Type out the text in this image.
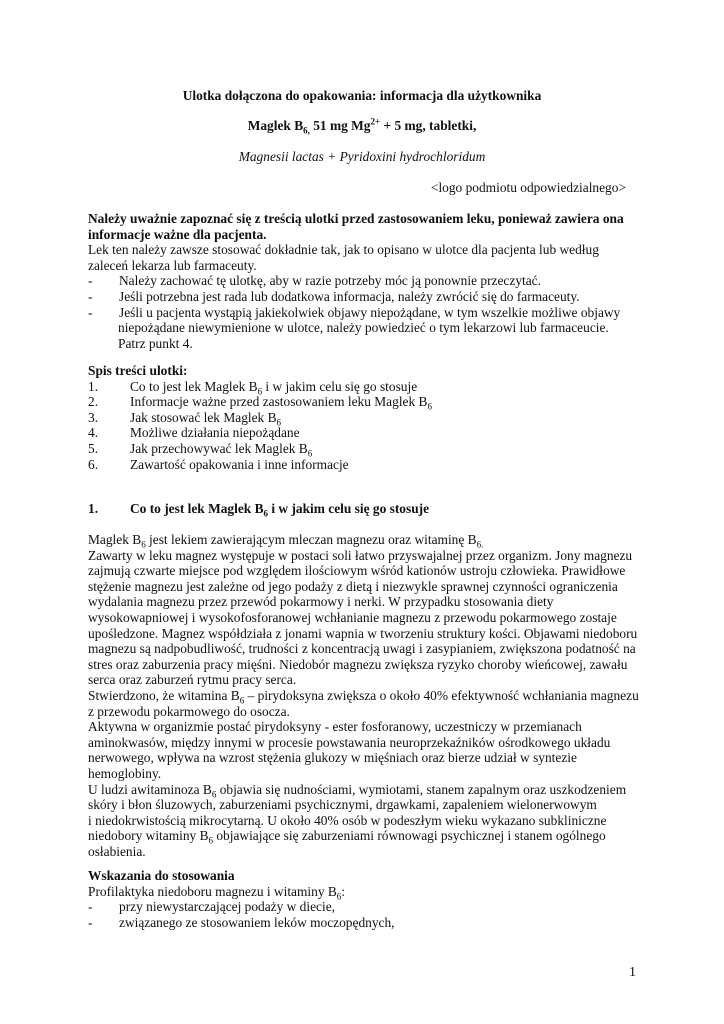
Ulotka dołączona do opakowania: informacja dla użytkownika
Maglek $B_{6,}$ 51 mg $Mg^{2+} + 5$ mg, tabletki,
Magnesii lactas + Pyridoxini hydrochloridum
<logo podmiotu odpowiedzialnego>
Należy uważnie zapoznać się z treścią ulotki przed zastosowaniem leku, ponieważ zawiera ona
informacje ważne dla pacjenta.
Lek ten należy zawsze stosować dokładnie tak, jak to opisano w ulotce dla pacjenta lub według
zaleceń lekarza lub farmaceuty.
- Należy zachować tę ulotkę, aby w razie potrzeby móc ją ponownie przeczytać.
- Jeśli potrzebna jest rada lub dodatkowa informacja, należy zwrócić się do farmaceuty.
- Jeśli u pacjenta wystąpią jakiekolwiek objawy niepożądane, w tym wszelkie możliwe objawy
niepożądane niewymienione w ulotce, należy powiedzieć o tym lekarzowi lub farmaceucie.
Patrz punkt 4.
Spis treści ulotki:
1. Co to jest lek Maglek $B_6$ i w jakim celu się go stosuje
2. Informacje ważne przed zastosowaniem leku Maglek $B_6$
3. Jak stosować lek Maglek $B_6$
4. Możliwe działania niepożądane
5. Jak przechowywać lek Maglek $B_6$
6. Zawartość opakowania i inne informacje
1. Co to jest lek Maglek $B_6$ i w jakim celu się go stosuje
Maglek $B_6$ jest lekiem zawierającym mleczan magnezu oraz witaminę $B_{6.}$
Zawarty w leku magnez występuje w postaci soli łatwo przyswajalnej przez organizm. Jony magnezu
zajmują czwarte miejsce pod względem ilościowym wśród kationów ustroju człowieka. Prawidłowe
stężenie magnezu jest zależne od jego podaży z dietą i niezwykle sprawnej czynności ograniczenia
wydalania magnezu przez przewód pokarmowy i nerki. W przypadku stosowania diety
wysokowapniowej i wysokofosforanowej wchłanianie magnezu z przewodu pokarmowego zostaje
upośledzone. Magnez współdziała z jonami wapnia w tworzeniu struktury kości. Objawami niedoboru
magnezu są nadpobudliwość, trudności z koncentracją uwagi i zasypianiem, zwiększona podatność na
stres oraz zaburzenia pracy mięśni. Niedobór magnezu zwiększa ryzyko choroby wieńcowej, zawału
serca oraz zaburzeń rytmu pracy serca.
Stwierdzono, że witamina $B_6$ – pirydoksyna zwiększa o około 40% efektywność wchłaniania magnezu
z przewodu pokarmowego do osocza.
Aktywna w organizmie postać pirydoksyny - ester fosforanowy, uczestniczy w przemianach
aminokwasów, między innymi w procesie powstawania neuroprzekaźników ośrodkowego układu
nerwowego, wpływa na wzrost stężenia glukozy w mięśniach oraz bierze udział w syntezie
hemoglobiny.
U ludzi awitaminoza $B_6$ objawia się nudnościami, wymiotami, stanem zapalnym oraz uszkodzeniem
skóry i błon śluzowych, zaburzeniami psychicznymi, drgawkami, zapaleniem wielonerwowym
i niedokrwistością mikrocytarną. U około 40% osób w podeszłym wieku wykazano subkliniczne
niedobory witaminy $B_6$ objawiające się zaburzeniami równowagi psychicznej i stanem ogólnego
osłabienia.
Wskazania do stosowania
Profilaktyka niedoboru magnezu i witaminy $B_6$:
- przy niewystarczającej podaży w diecie,
- związanego ze stosowaniem leków moczopędnych,
1
